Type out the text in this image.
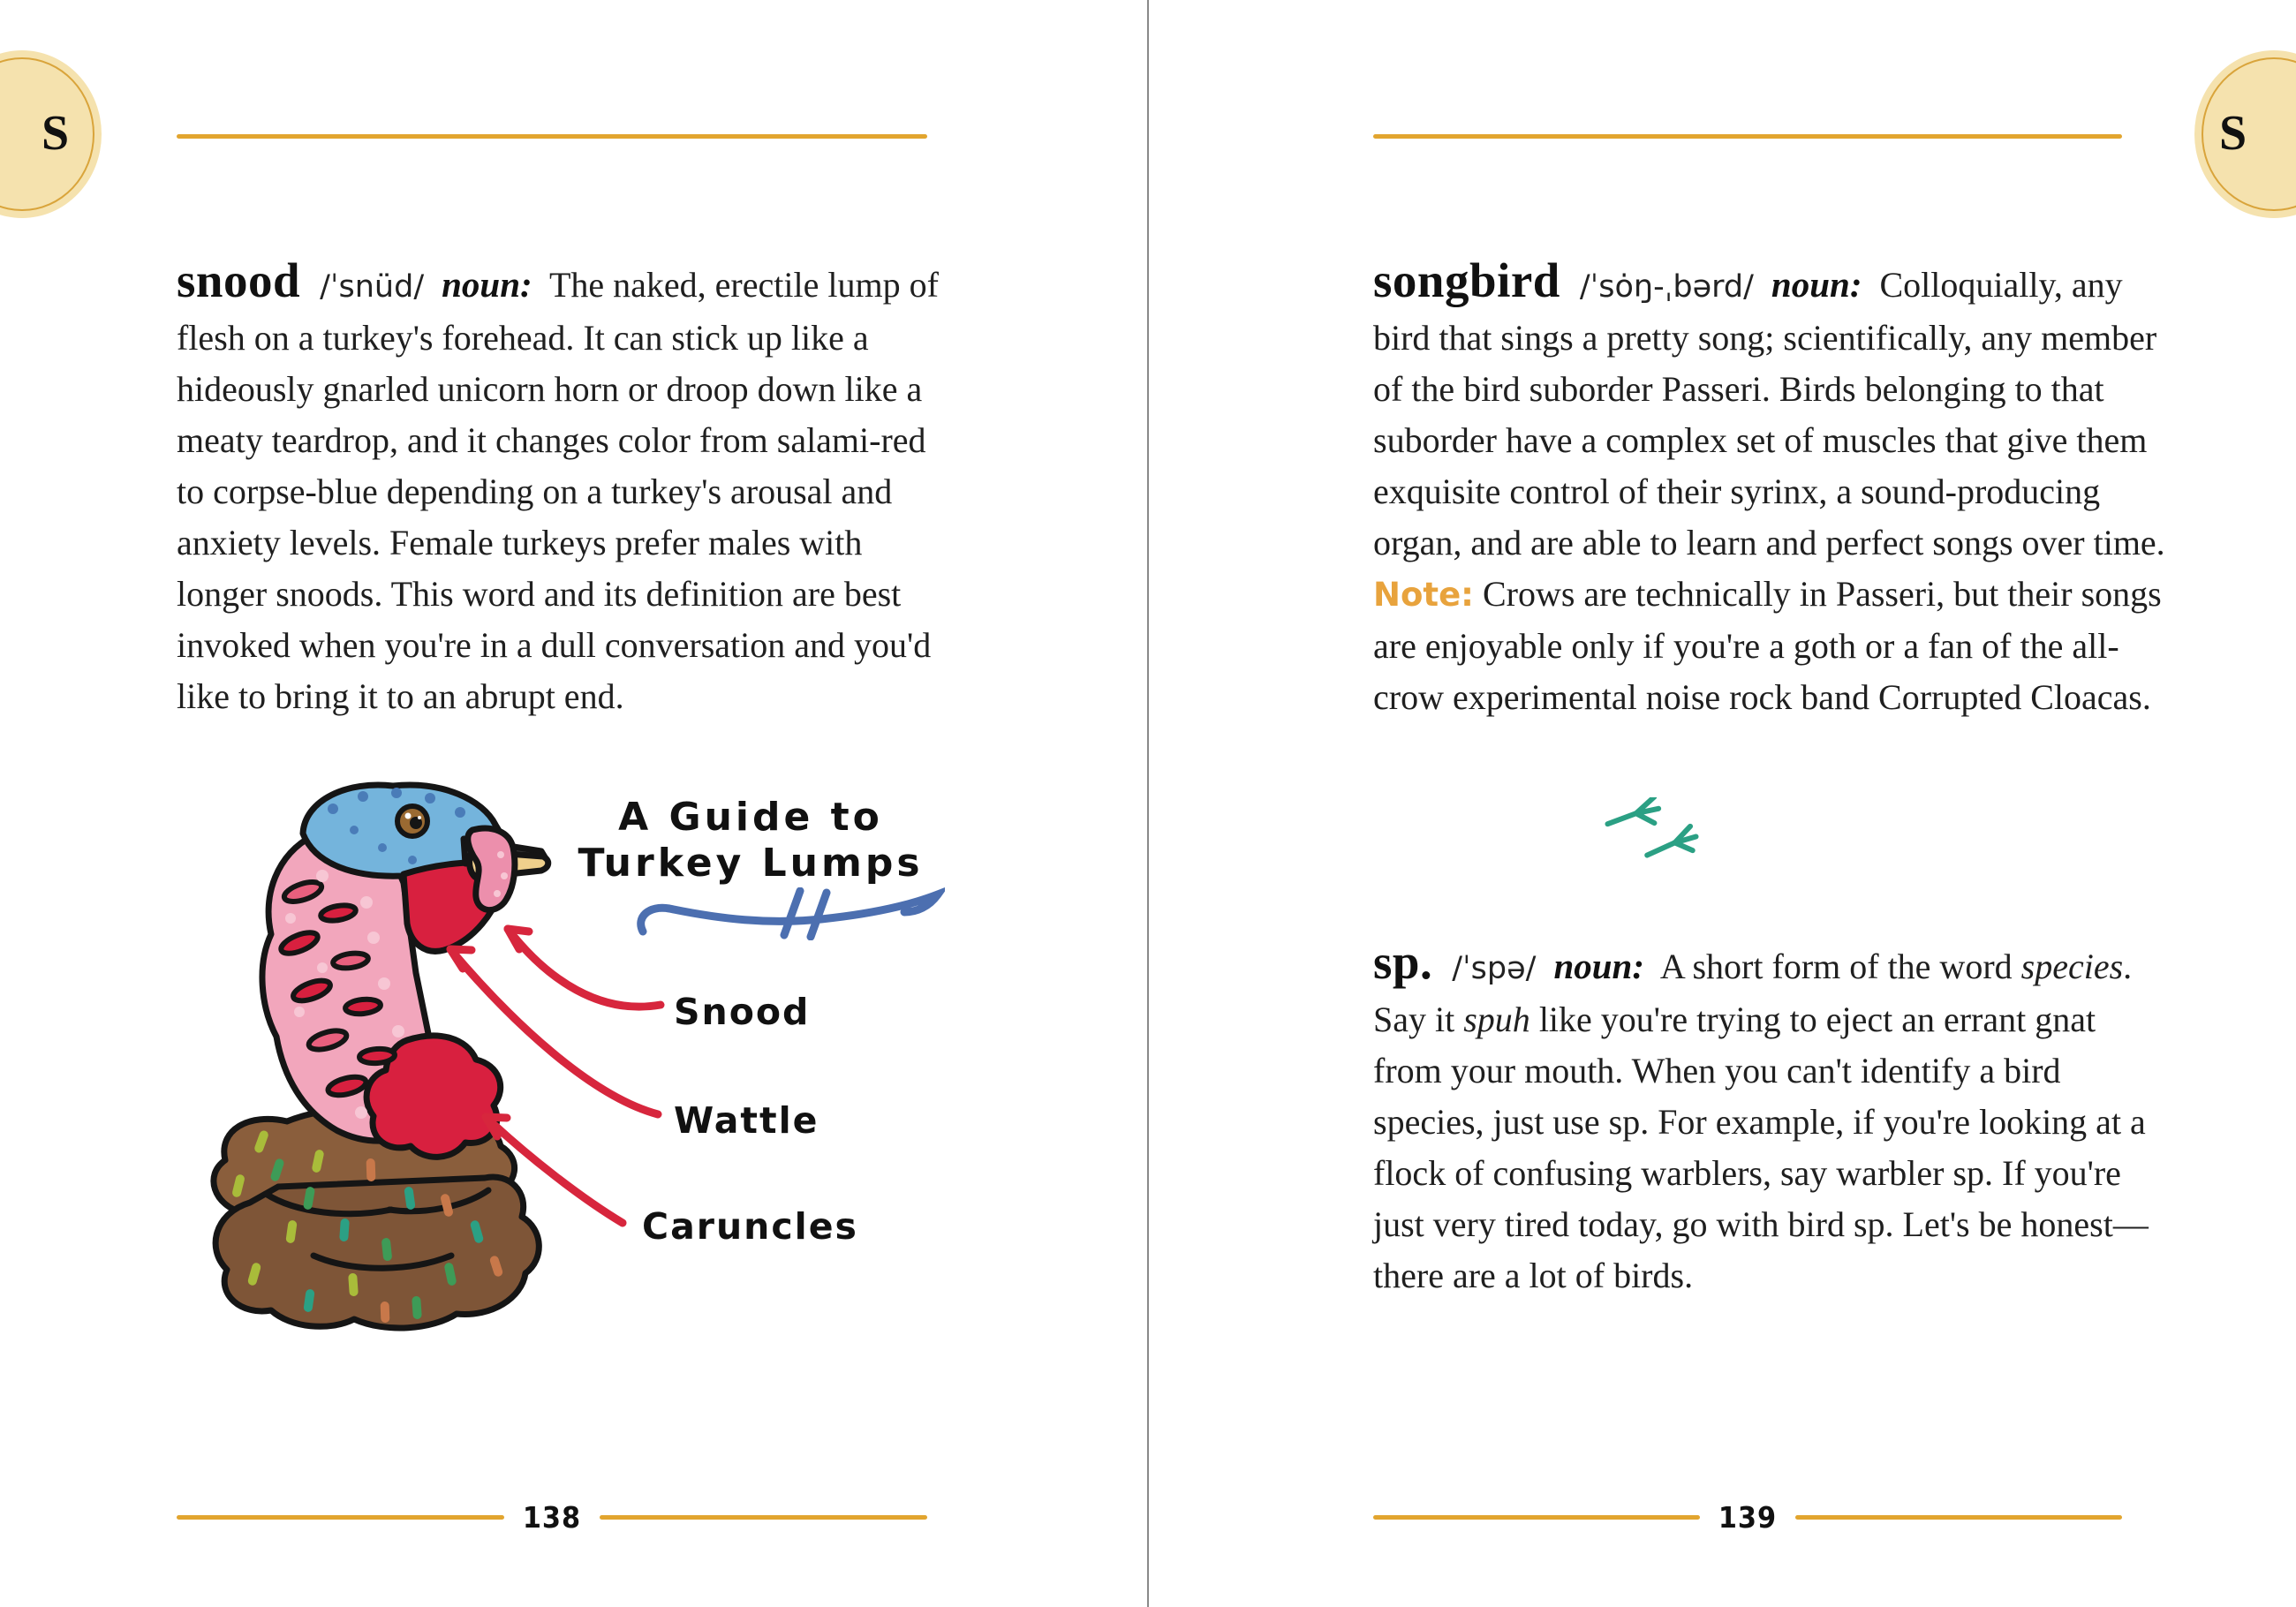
S

snood /ˈsnüd/ noun: The naked, erectile lump of flesh on a turkey's forehead. It can stick up like a hideously gnarled unicorn horn or droop down like a meaty teardrop, and it changes color from salami-red to corpse-blue depending on a turkey's arousal and anxiety levels. Female turkeys prefer males with longer snoods. This word and its definition are best invoked when you're in a dull conversation and you'd like to bring it to an abrupt end.

A Guide to
Turkey Lumps
Snood
Wattle
Caruncles
138
S

songbird /ˈsȯŋ-ˌbərd/ noun: Colloquially, any bird that sings a pretty song; scientifically, any member of the bird suborder Passeri. Birds belonging to that suborder have a complex set of muscles that give them exquisite control of their syrinx, a sound-producing organ, and are able to learn and perfect songs over time. Note: Crows are technically in Passeri, but their songs are enjoyable only if you're a goth or a fan of the all-crow experimental noise rock band Corrupted Cloacas.

sp. /ˈspə/ noun: A short form of the word species. Say it spuh like you're trying to eject an errant gnat from your mouth. When you can't identify a bird species, just use sp. For example, if you're looking at a flock of confusing warblers, say warbler sp. If you're just very tired today, go with bird sp. Let's be honest—there are a lot of birds.

139
